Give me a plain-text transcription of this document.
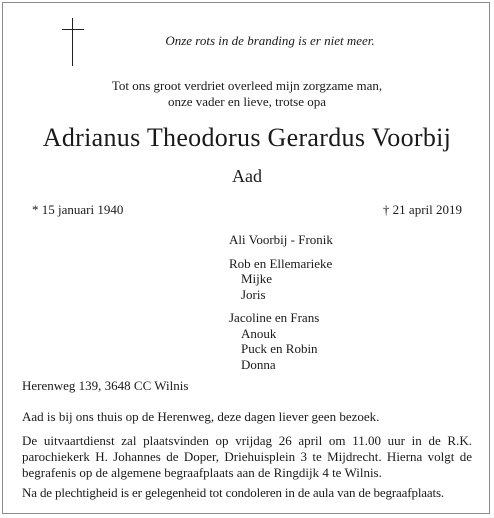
Onze rots in de branding is er niet meer.
Tot ons groot verdriet overleed mijn zorgzame man,
onze vader en lieve, trotse opa
Adrianus Theodorus Gerardus Voorbij
Aad
* 15 januari 1940	† 21 april 2019
Ali Voorbij - Fronik
Rob en Ellemarieke
Mijke
Joris
Jacoline en Frans
Anouk
Puck en Robin
Donna
Herenweg 139, 3648 CC Wilnis
Aad is bij ons thuis op de Herenweg, deze dagen liever geen bezoek.
De uitvaartdienst zal plaatsvinden op vrijdag 26 april om 11.00 uur in de R.K. parochiekerk H. Johannes de Doper, Driehuisplein 3 te Mijdrecht. Hierna volgt de begrafenis op de algemene begraafplaats aan de Ringdijk 4 te Wilnis.
Na de plechtigheid is er gelegenheid tot condoleren in de aula van de begraafplaats.
